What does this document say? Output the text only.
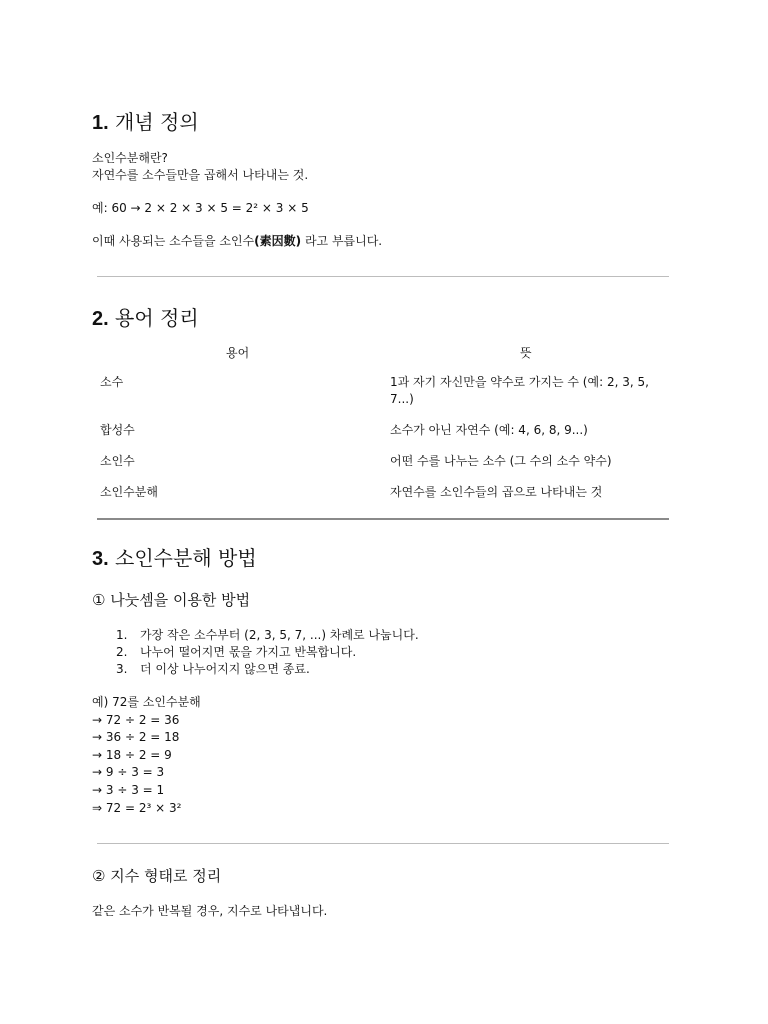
1. 개념 정의

소인수분해란?

자연수를 소수들만을 곱해서 나타내는 것.

예: 60 → 2 × 2 × 3 × 5 = 2² × 3 × 5

이때 사용되는 소수들을 소인수(素因數) 라고 부릅니다.

2. 용어 정리
용어	뜻
소수	1과 자기 자신만을 약수로 가지는 수 (예: 2, 3, 5, 7...)
합성수	소수가 아닌 자연수 (예: 4, 6, 8, 9...)
소인수	어떤 수를 나누는 소수 (그 수의 소수 약수)
소인수분해	자연수를 소인수들의 곱으로 나타내는 것
3. 소인수분해 방법
① 나눗셈을 이용한 방법
1. 가장 작은 소수부터 (2, 3, 5, 7, ...) 차례로 나눕니다.
2. 나누어 떨어지면 몫을 가지고 반복합니다.
3. 더 이상 나누어지지 않으면 종료.
예) 72를 소인수분해
→ 72 ÷ 2 = 36
→ 36 ÷ 2 = 18
→ 18 ÷ 2 = 9
→ 9 ÷ 3 = 3
→ 3 ÷ 3 = 1
⇒ 72 = 2³ × 3²
② 지수 형태로 정리

같은 소수가 반복될 경우, 지수로 나타냅니다.
